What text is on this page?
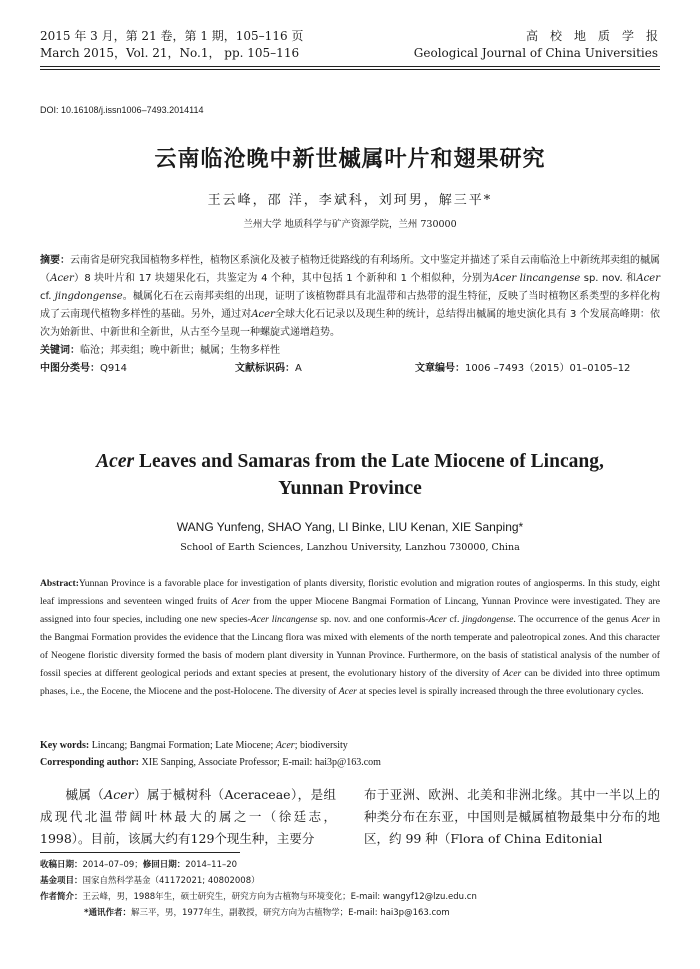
2015 年 3 月，第 21 卷，第 1 期，105–116 页
March 2015，Vol. 21，No.1， pp. 105–116
高校地质学报
Geological Journal of China Universities
DOI: 10.16108/j.issn1006–7493.2014114
云南临沧晚中新世槭属叶片和翅果研究
王云峰，邵 洋，李斌科，刘珂男，解三平*
兰州大学 地质科学与矿产资源学院，兰州 730000
摘要：云南省是研究我国植物多样性，植物区系演化及被子植物迁徙路线的有利场所。文中鉴定并描述了采自云南临沧上中新统邦卖组的槭属（Acer）8 块叶片和 17 块翅果化石，共鉴定为 4 个种，其中包括 1 个新种和 1 个相似种，分别为Acer lincangense sp. nov. 和Acer cf. jingdongense。槭属化石在云南邦卖组的出现，证明了该植物群具有北温带和古热带的混生特征，反映了当时植物区系类型的多样化构成了云南现代植物多样性的基础。另外，通过对Acer全球大化石记录以及现生种的统计，总结得出槭属的地史演化具有 3 个发展高峰期：依次为始新世、中新世和全新世，从古至今呈现一种螺旋式递增趋势。
关键词：临沧；邦卖组；晚中新世；槭属；生物多样性
中图分类号：Q914	文献标识码：A	文章编号：1006 –7493（2015）01–0105–12
Acer Leaves and Samaras from the Late Miocene of Lincang,
Yunnan Province
WANG Yunfeng, SHAO Yang, LI Binke, LIU Kenan, XIE Sanping*
School of Earth Sciences, Lanzhou University, Lanzhou 730000, China
Abstract:Yunnan Province is a favorable place for investigation of plants diversity, floristic evolution and migration routes of angiosperms. In this study, eight leaf impressions and seventeen winged fruits of Acer from the upper Miocene Bangmai Formation of Lincang, Yunnan Province were investigated. They are assigned into four species, including one new species-Acer lincangense sp. nov. and one conformis-Acer cf. jingdongense. The occurrence of the genus Acer in the Bangmai Formation provides the evidence that the Lincang flora was mixed with elements of the north temperate and paleotropical zones. And this character of Neogene floristic diversity formed the basis of modern plant diversity in Yunnan Province. Furthermore, on the basis of statistical analysis of the number of fossil species at different geological periods and extant species at present, the evolutionary history of the diversity of Acer can be divided into three optimum phases, i.e., the Eocene, the Miocene and the post-Holocene. The diversity of Acer at species level is spirally increased through the three evolutionary cycles.
Key words: Lincang; Bangmai Formation; Late Miocene; Acer; biodiversity
Corresponding author: XIE Sanping, Associate Professor; E-mail: hai3p@163.com
槭属（Acer）属于槭树科（Aceraceae），是组成现代北温带阔叶林最大的属之一（徐廷志，1998）。目前，该属大约有129个现生种，主要分
布于亚洲、欧洲、北美和非洲北缘。其中一半以上的种类分布在东亚，中国则是槭属植物最集中分布的地区，约 99 种（Flora of China Editonial
收稿日期：2014–07–09；修回日期：2014–11–20
基金项目：国家自然科学基金（41172021; 40802008）
作者简介：王云峰，男，1988年生，硕士研究生，研究方向为古植物与环境变化；E-mail: wangyf12@lzu.edu.cn
*通讯作者：解三平，男，1977年生，副教授，研究方向为古植物学；E-mail: hai3p@163.com
